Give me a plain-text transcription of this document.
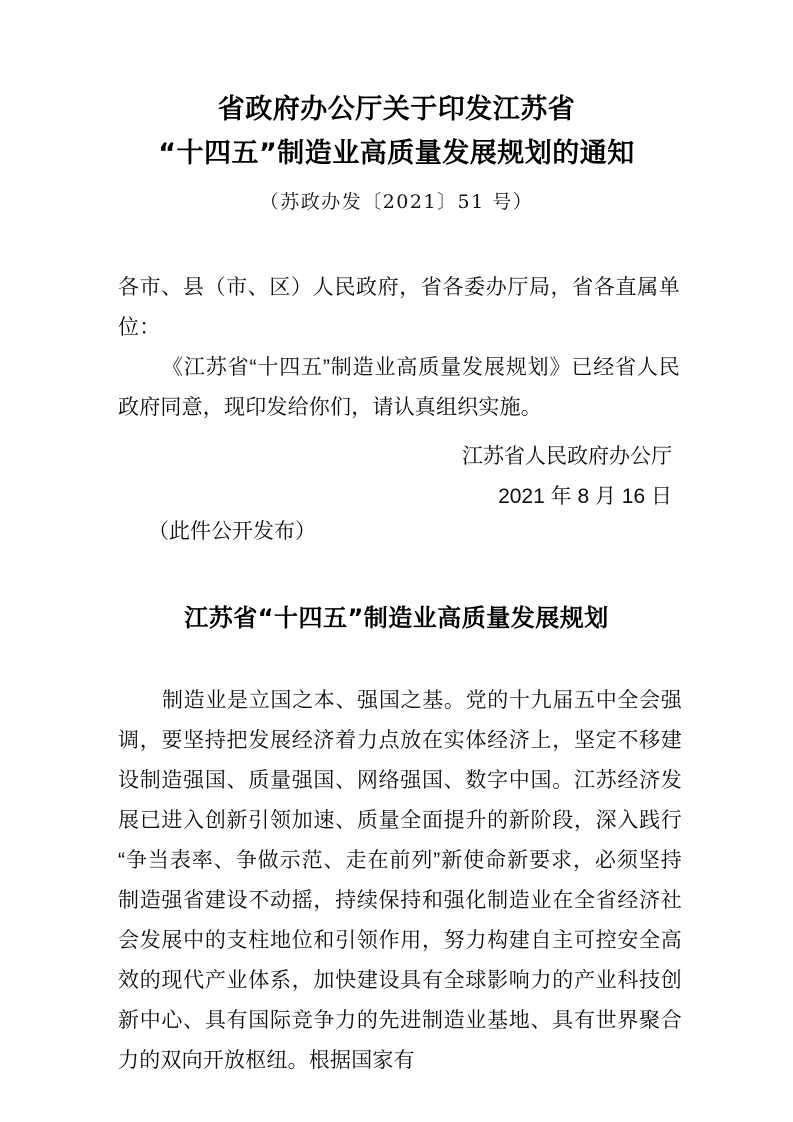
省政府办公厅关于印发江苏省
“十四五”制造业高质量发展规划的通知
（苏政办发〔2021〕51 号）

各市、县（市、区）人民政府，省各委办厅局，省各直属单位：

《江苏省“十四五”制造业高质量发展规划》已经省人民政府同意，现印发给你们，请认真组织实施。

江苏省人民政府办公厅
2021 年 8 月 16 日
（此件公开发布）
江苏省“十四五”制造业高质量发展规划

制造业是立国之本、强国之基。党的十九届五中全会强调，要坚持把发展经济着力点放在实体经济上，坚定不移建设制造强国、质量强国、网络强国、数字中国。江苏经济发展已进入创新引领加速、质量全面提升的新阶段，深入践行“争当表率、争做示范、走在前列”新使命新要求，必须坚持制造强省建设不动摇，持续保持和强化制造业在全省经济社会发展中的支柱地位和引领作用，努力构建自主可控安全高效的现代产业体系，加快建设具有全球影响力的产业科技创新中心、具有国际竞争力的先进制造业基地、具有世界聚合力的双向开放枢纽。根据国家有
